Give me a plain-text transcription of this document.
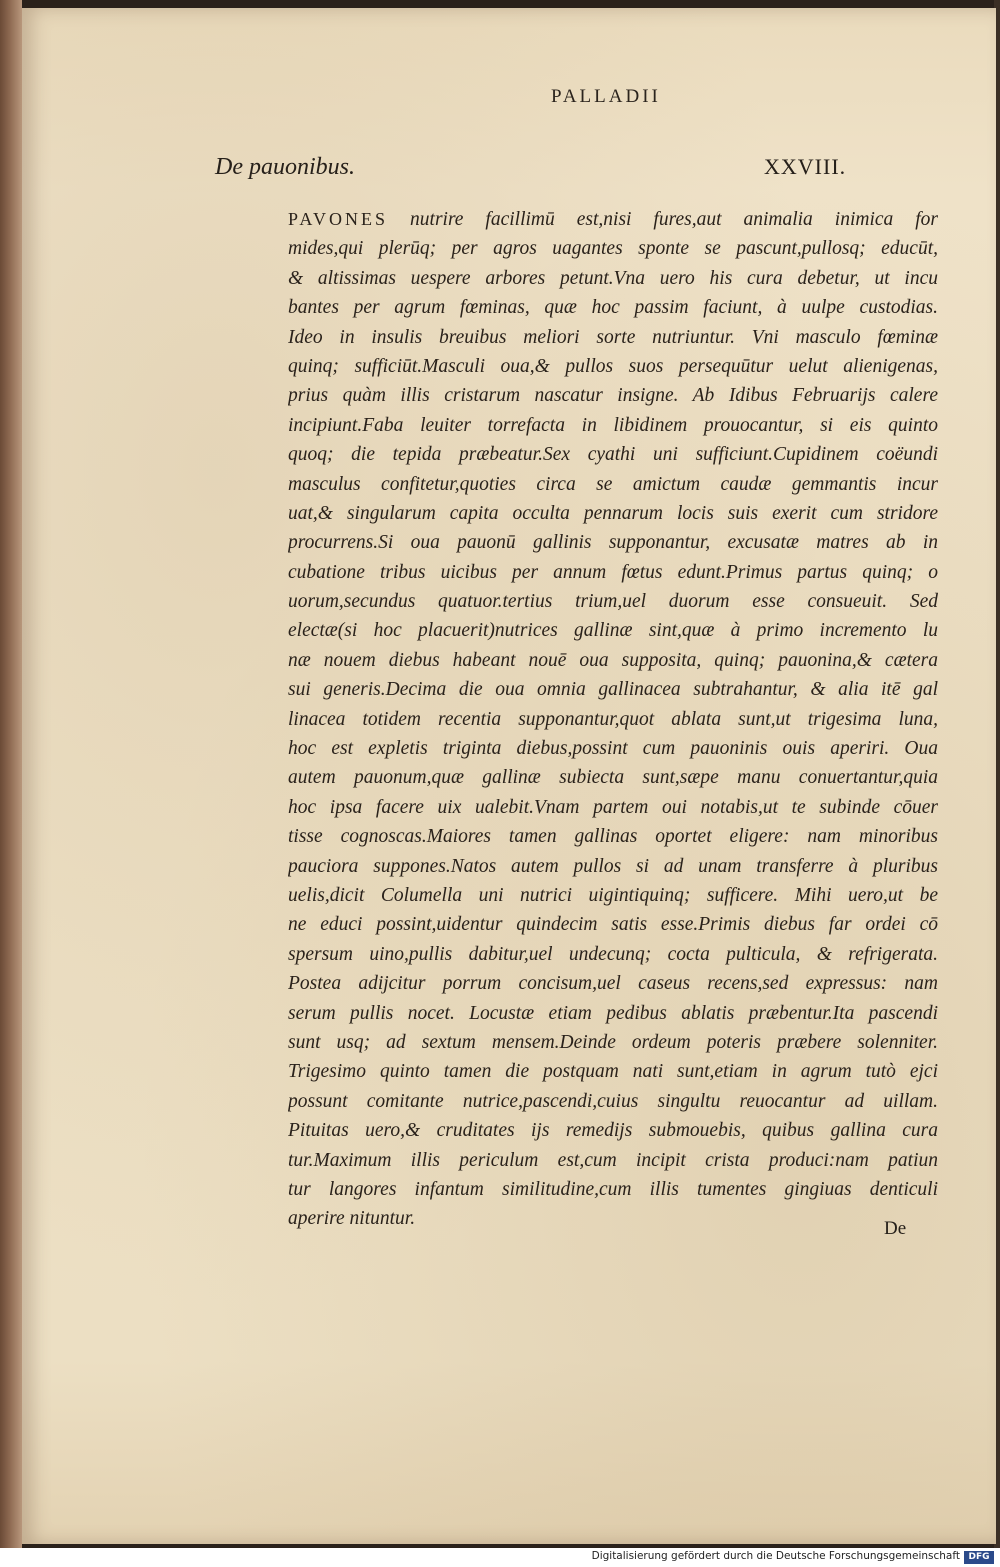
PALLADII
De pauonibus.	XXVIII.
PAVONES nutrire facillimū est,nisi fures,aut animalia inimica for
mides,qui plerūq; per agros uagantes sponte se pascunt,pullosq; educūt,
& altissimas uespere arbores petunt.Vna uero his cura debetur, ut incu
bantes per agrum fœminas, quæ hoc passim faciunt, à uulpe custodias.
Ideo in insulis breuibus meliori sorte nutriuntur. Vni masculo fœminæ
quinq; sufficiūt.Masculi oua,& pullos suos persequūtur uelut alienigenas,
prius quàm illis cristarum nascatur insigne. Ab Idibus Februarijs calere
incipiunt.Faba leuiter torrefacta in libidinem prouocantur, si eis quinto
quoq; die tepida præbeatur.Sex cyathi uni sufficiunt.Cupidinem coëundi
masculus confitetur,quoties circa se amictum caudæ gemmantis incur
uat,& singularum capita occulta pennarum locis suis exerit cum stridore
procurrens.Si oua pauonū gallinis supponantur, excusatæ matres ab in
cubatione tribus uicibus per annum fœtus edunt.Primus partus quinq; o
uorum,secundus quatuor.tertius trium,uel duorum esse consueuit. Sed
electæ(si hoc placuerit)nutrices gallinæ sint,quæ à primo incremento lu
næ nouem diebus habeant nouē oua supposita, quinq; pauonina,& cætera
sui generis.Decima die oua omnia gallinacea subtrahantur, & alia itē gal
linacea totidem recentia supponantur,quot ablata sunt,ut trigesima luna,
hoc est expletis triginta diebus,possint cum pauoninis ouis aperiri. Oua
autem pauonum,quæ gallinæ subiecta sunt,sæpe manu conuertantur,quia
hoc ipsa facere uix ualebit.Vnam partem oui notabis,ut te subinde cōuer
tisse cognoscas.Maiores tamen gallinas oportet eligere: nam minoribus
pauciora suppones.Natos autem pullos si ad unam transferre à pluribus
uelis,dicit Columella uni nutrici uigintiquinq; sufficere. Mihi uero,ut be
ne educi possint,uidentur quindecim satis esse.Primis diebus far ordei cō
spersum uino,pullis dabitur,uel undecunq; cocta pulticula, & refrigerata.
Postea adijcitur porrum concisum,uel caseus recens,sed expressus: nam
serum pullis nocet. Locustæ etiam pedibus ablatis præbentur.Ita pascendi
sunt usq; ad sextum mensem.Deinde ordeum poteris præbere solenniter.
Trigesimo quinto tamen die postquam nati sunt,etiam in agrum tutò ejci
possunt comitante nutrice,pascendi,cuius singultu reuocantur ad uillam.
Pituitas uero,& cruditates ijs remedijs submouebis, quibus gallina cura
tur.Maximum illis periculum est,cum incipit crista produci:nam patiun
tur langores infantum similitudine,cum illis tumentes gingiuas denticuli
aperire nituntur.	De
Digitalisierung gefördert durch die Deutsche Forschungsgemeinschaft DFG
